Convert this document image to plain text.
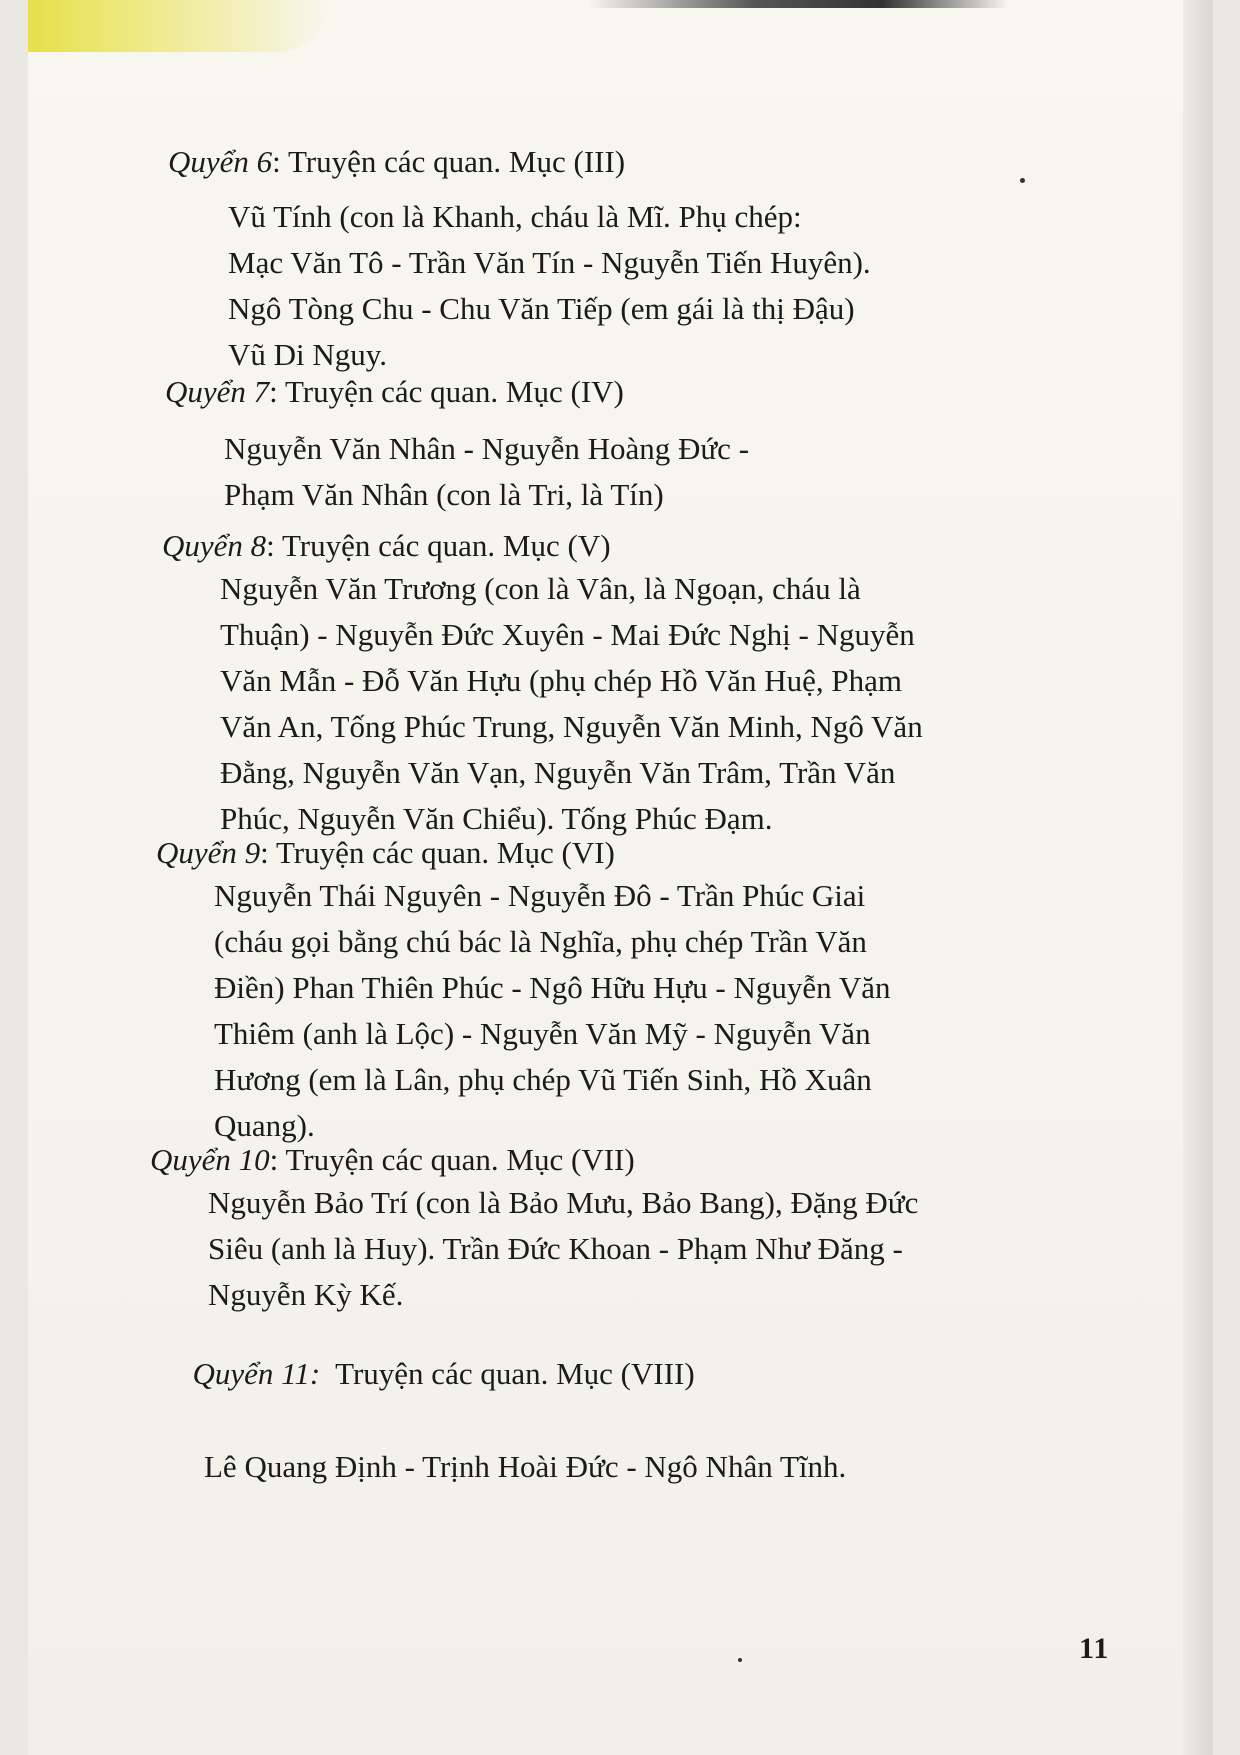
Quyển 6: Truyện các quan. Mục (III)
Vũ Tính (con là Khanh, cháu là Mĩ. Phụ chép:
Mạc Văn Tô - Trần Văn Tín - Nguyễn Tiến Huyên).
Ngô Tòng Chu - Chu Văn Tiếp (em gái là thị Đậu)
Vũ Di Nguy.
Quyển 7: Truyện các quan. Mục (IV)
Nguyễn Văn Nhân - Nguyễn Hoàng Đức -
Phạm Văn Nhân (con là Tri, là Tín)
Quyển 8: Truyện các quan. Mục (V)
Nguyễn Văn Trương (con là Vân, là Ngoạn, cháu là
Thuận) - Nguyễn Đức Xuyên - Mai Đức Nghị - Nguyễn
Văn Mẫn - Đỗ Văn Hựu (phụ chép Hồ Văn Huệ, Phạm
Văn An, Tống Phúc Trung, Nguyễn Văn Minh, Ngô Văn
Đằng, Nguyễn Văn Vạn, Nguyễn Văn Trâm, Trần Văn
Phúc, Nguyễn Văn Chiểu). Tống Phúc Đạm.
Quyển 9: Truyện các quan. Mục (VI)
Nguyễn Thái Nguyên - Nguyễn Đô - Trần Phúc Giai
(cháu gọi bằng chú bác là Nghĩa, phụ chép Trần Văn
Điền) Phan Thiên Phúc - Ngô Hữu Hựu - Nguyễn Văn
Thiêm (anh là Lộc) - Nguyễn Văn Mỹ - Nguyễn Văn
Hương (em là Lân, phụ chép Vũ Tiến Sinh, Hồ Xuân
Quang).
Quyển 10: Truyện các quan. Mục (VII)
Nguyễn Bảo Trí (con là Bảo Mưu, Bảo Bang), Đặng Đức
Siêu (anh là Huy). Trần Đức Khoan - Phạm Như Đăng -
Nguyễn Kỳ Kế.

Quyển 11:  Truyện các quan. Mục (VIII)

Lê Quang Định - Trịnh Hoài Đức - Ngô Nhân Tĩnh.
11
